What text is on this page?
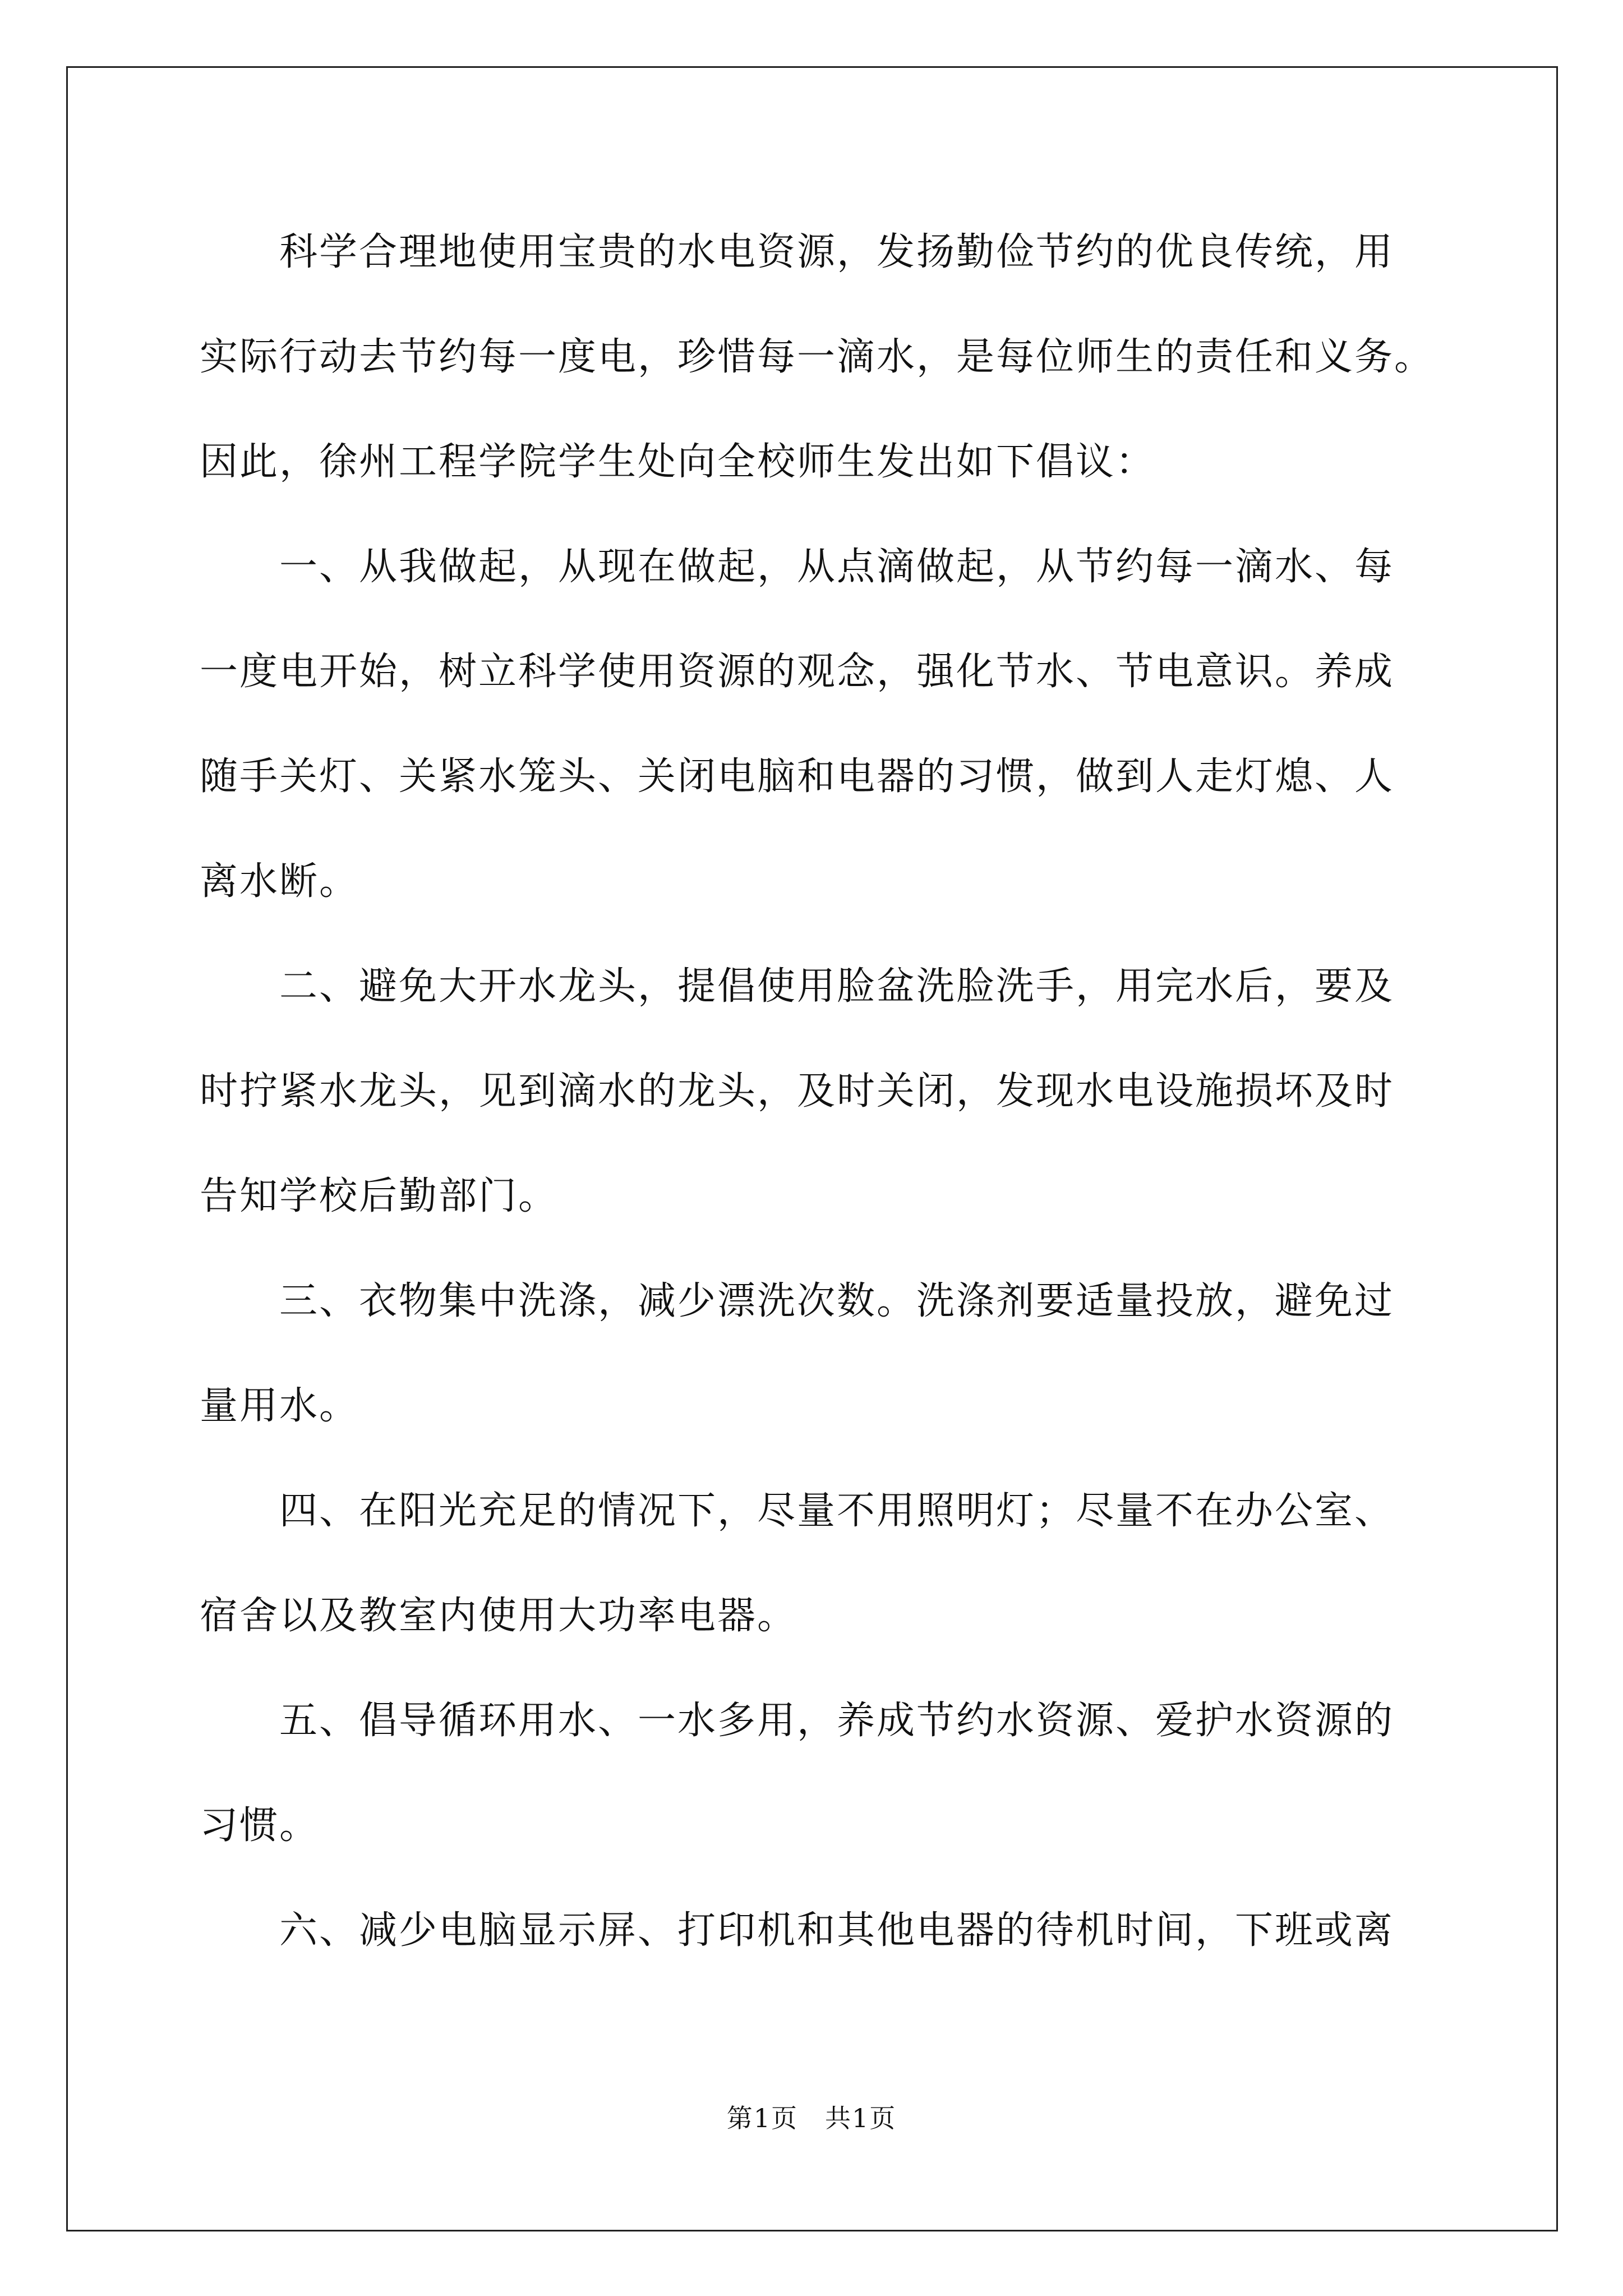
　　科学合理地使用宝贵的水电资源，发扬勤俭节约的优良传统，用
实际行动去节约每一度电，珍惜每一滴水，是每位师生的责任和义务。
因此，徐州工程学院学生处向全校师生发出如下倡议：
　　一、从我做起，从现在做起，从点滴做起，从节约每一滴水、每
一度电开始，树立科学使用资源的观念，强化节水、节电意识。养成
随手关灯、关紧水笼头、关闭电脑和电器的习惯，做到人走灯熄、人
离水断。
　　二、避免大开水龙头，提倡使用脸盆洗脸洗手，用完水后，要及
时拧紧水龙头，见到滴水的龙头，及时关闭，发现水电设施损坏及时
告知学校后勤部门。
　　三、衣物集中洗涤，减少漂洗次数。洗涤剂要适量投放，避免过
量用水。
　　四、在阳光充足的情况下，尽量不用照明灯；尽量不在办公室、
宿舍以及教室内使用大功率电器。
　　五、倡导循环用水、一水多用，养成节约水资源、爱护水资源的
习惯。
　　六、减少电脑显示屏、打印机和其他电器的待机时间，下班或离
第1页　共1页
